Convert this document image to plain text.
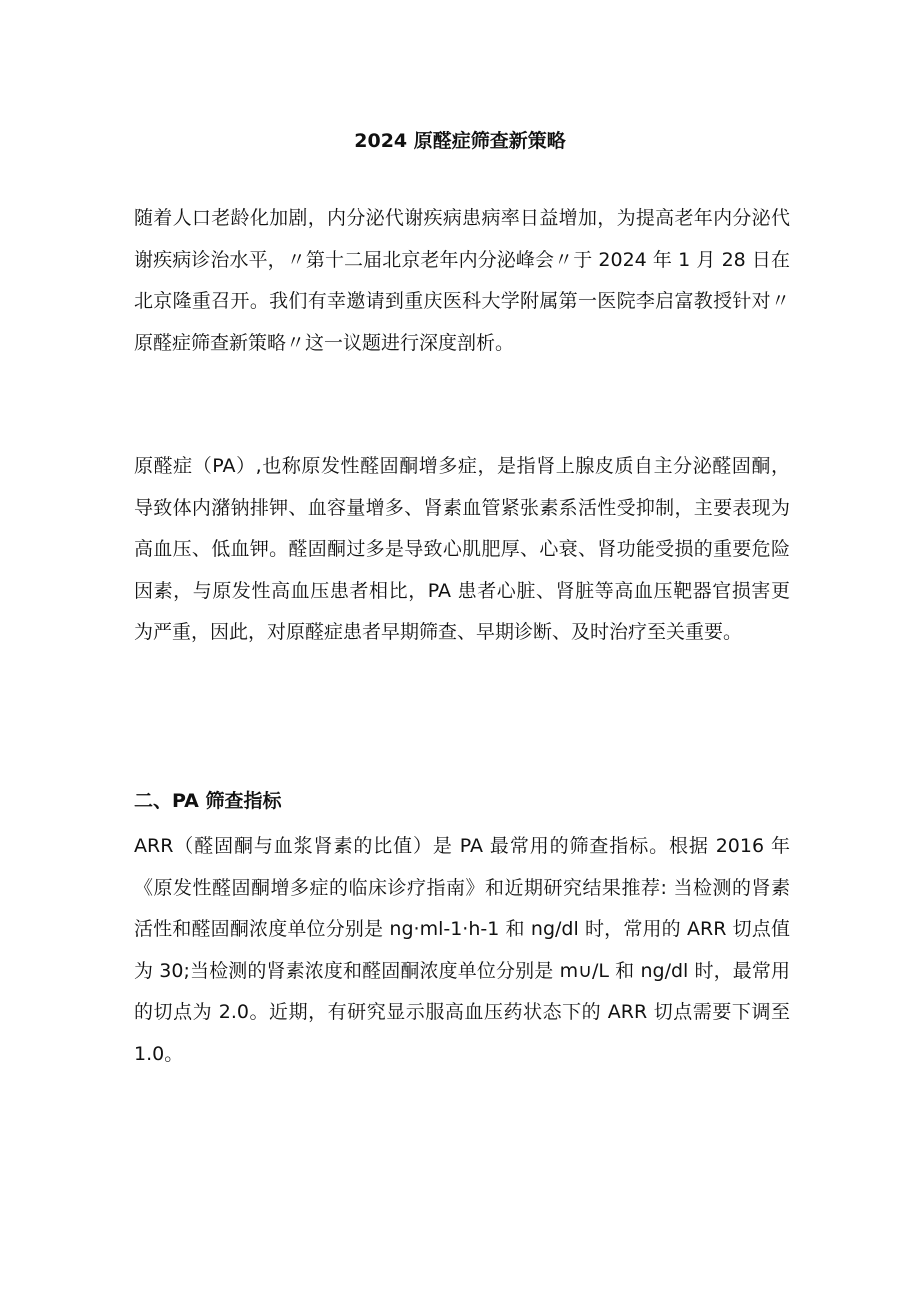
2024 原醛症筛查新策略

随着人口老龄化加剧，内分泌代谢疾病患病率日益增加，为提高老年内分泌代谢疾病诊治水平，〃第十二届北京老年内分泌峰会〃于 2024 年 1 月 28 日在北京隆重召开。我们有幸邀请到重庆医科大学附属第一医院李启富教授针对〃原醛症筛查新策略〃这一议题进行深度剖析。

原醛症（PA）,也称原发性醛固酮增多症，是指肾上腺皮质自主分泌醛固酮，导致体内潴钠排钾、血容量增多、肾素血管紧张素系活性受抑制，主要表现为高血压、低血钾。醛固酮过多是导致心肌肥厚、心衰、肾功能受损的重要危险因素，与原发性高血压患者相比，PA 患者心脏、肾脏等高血压靶器官损害更为严重，因此，对原醛症患者早期筛查、早期诊断、及时治疗至关重要。

二、PA 筛查指标

ARR（醛固酮与血浆肾素的比值）是 PA 最常用的筛查指标。根据 2016 年《原发性醛固酮增多症的临床诊疗指南》和近期研究结果推荐: 当检测的肾素活性和醛固酮浓度单位分别是 ng·ml-1·h-1 和 ng/dl 时，常用的 ARR 切点值为 30;当检测的肾素浓度和醛固酮浓度单位分别是 m∪/L 和 ng/dl 时，最常用的切点为 2.0。近期，有研究显示服高血压药状态下的 ARR 切点需要下调至 1.0。
